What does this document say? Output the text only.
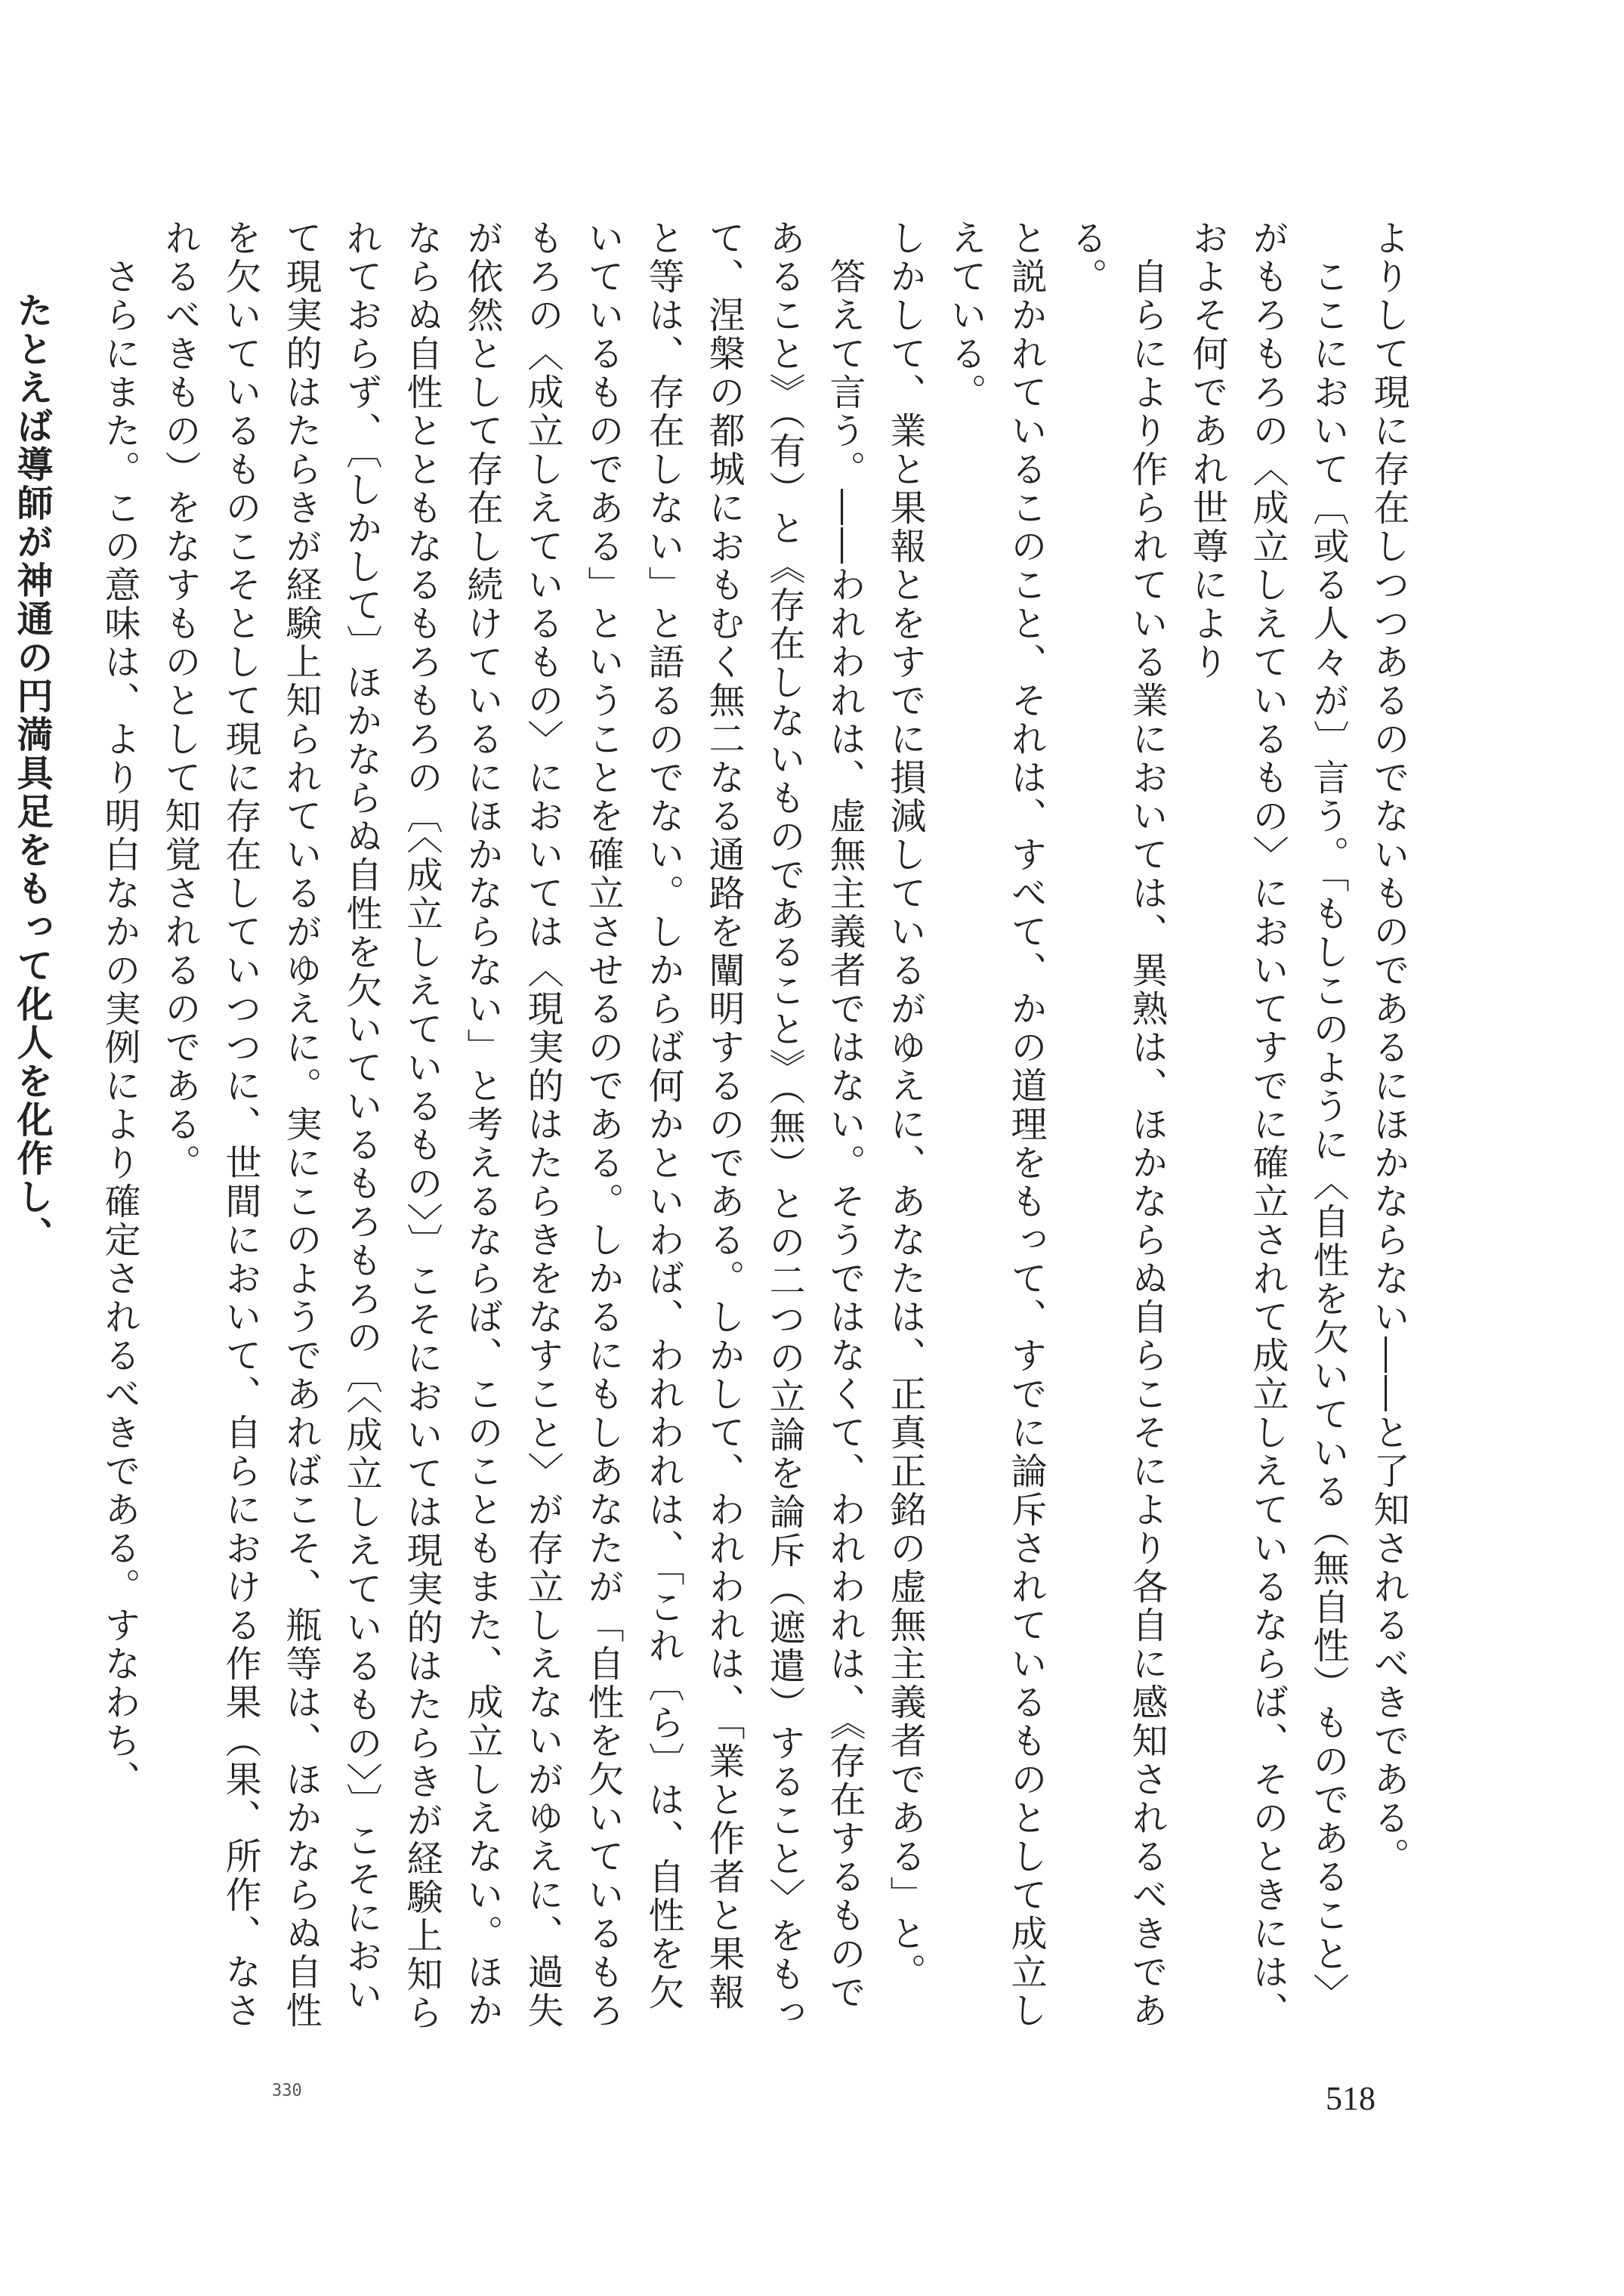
よりして現に存在しつつあるのでないものであるにほかならない――と了知されるべきである。

　ここにおいて〔或る人々が〕言う。「もしこのように〈自性を欠いている（無自性）ものであること〉がもろもろの〈成立しえているもの〉においてすでに確立されて成立しえているならば、そのときには、およそ何であれ世尊により

　自らにより作られている業においては、異熟は、ほかならぬ自らこそにより各自に感知されるべきである。

と説かれているこのこと、それは、すべて、かの道理をもって、すでに論斥されているものとして成立しえている。

しかして、業と果報とをすでに損減しているがゆえに、あなたは、正真正銘の虚無主義者である」と。

　答えて言う。――われわれは、虚無主義者ではない。そうではなくて、われわれは、《存在するものであること》（有）と《存在しないものであること》（無）との二つの立論を論斥（遮遣）すること〉をもって、涅槃の都城におもむく無二なる通路を闡明するのである。しかして、われわれは、「業と作者と果報と等は、存在しない」と語るのでない。しからば何かといわば、われわれは、「これ〔ら〕は、自性を欠いているものである」ということを確立させるのである。しかるにもしあなたが「自性を欠いているもろもろの〈成立しえているもの〉においては〈現実的はたらきをなすこと〉が存立しえないがゆえに、過失が依然として存在し続けているにほかならない」と考えるならば、このこともまた、成立しえない。ほかならぬ自性とともなるもろもろの〔〈成立しえているもの〉〕こそにおいては現実的はたらきが経験上知られておらず、〔しかして〕ほかならぬ自性を欠いているもろもろの〔〈成立しえているもの〉〕こそにおいて現実的はたらきが経験上知られているがゆえに。実にこのようであればこそ、瓶等は、ほかならぬ自性を欠いているものこそとして現に存在していつつに、世間において、自らにおける作果（果、所作、なされるべきもの）をなすものとして知覚されるのである。

　さらにまた。この意味は、より明白なかの実例により確定されるべきである。すなわち、

たとえば導師が神通の円満具足をもって化人を化作し、

518
330
